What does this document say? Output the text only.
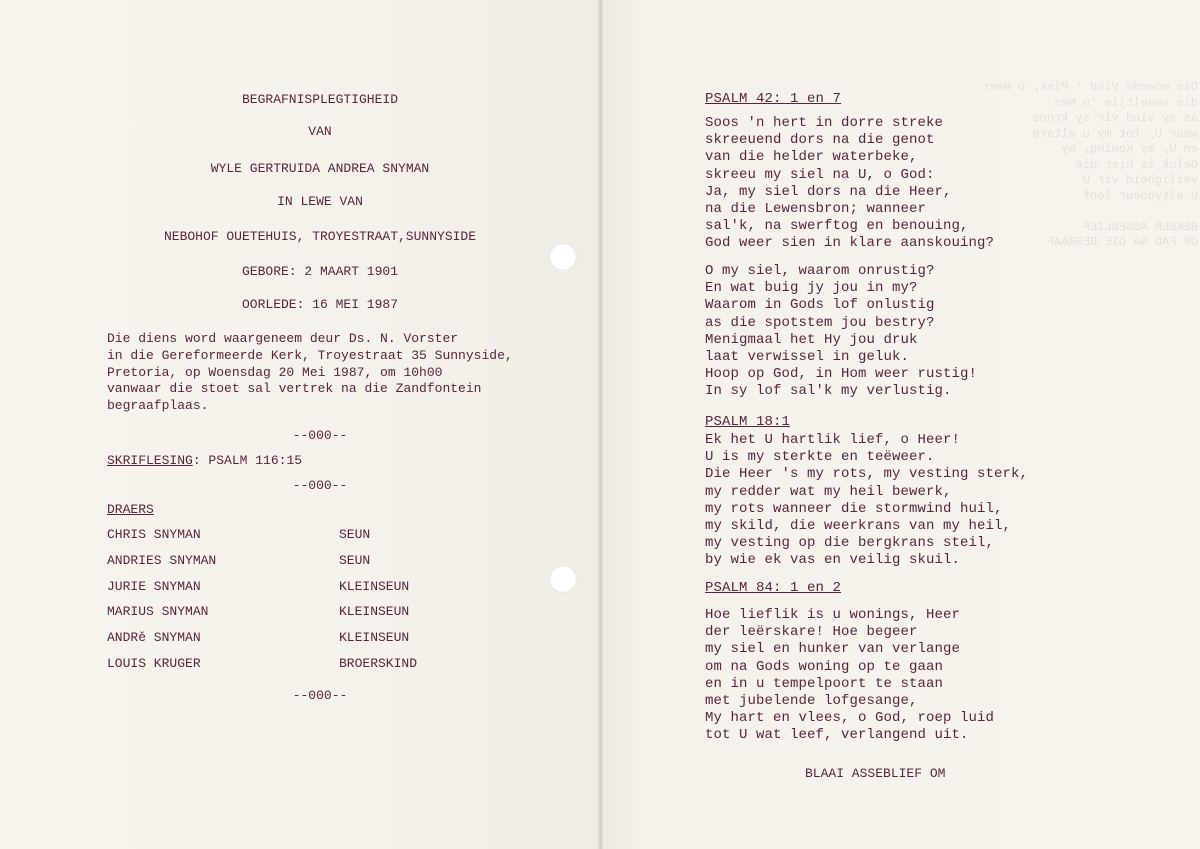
Die moeede Vind ‘ Plek, o Heer
die swaeltjie ‘n Nes
as sy vind vir sy kroos
waar U, tot my u altare
en U, my Koning, my
Geluk is hier die
veiligheid vir U
U altyddeur loof

BEKEER ASSEBLIEF
OP PAD NA DIE BEGRAAF
BEGRAFNISPLEGTIGHEID
VAN
WYLE GERTRUIDA ANDREA SNYMAN
IN LEWE VAN
NEBOHOF OUETEHUIS, TROYESTRAAT,SUNNYSIDE
GEBORE: 2 MAART 1901
OORLEDE: 16 MEI 1987
Die diens word waargeneem deur Ds. N. Vorster
in die Gereformeerde Kerk, Troyestraat 35 Sunnyside,
Pretoria, op Woensdag 20 Mei 1987, om 10h00
vanwaar die stoet sal vertrek na die Zandfontein
begraafplaas.
--000--
SKRIFLESING: PSALM 116:15
--000--
DRAERS
CHRIS SNYMAN	SEUN
ANDRIES SNYMAN	SEUN
JURIE SNYMAN	KLEINSEUN
MARIUS SNYMAN	KLEINSEUN
ANDRě SNYMAN	KLEINSEUN
LOUIS KRUGER	BROERSKIND
--000--
PSALM 42: 1 en 7
Soos 'n hert in dorre streke
skreeuend dors na die genot
van die helder waterbeke,
skreeu my siel na U, o God:
Ja, my siel dors na die Heer,
na die Lewensbron; wanneer
sal'k, na swerftog en benouing,
God weer sien in klare aanskouing?
O my siel, waarom onrustig?
En wat buig jy jou in my?
Waarom in Gods lof onlustig
as die spotstem jou bestry?
Menigmaal het Hy jou druk
laat verwissel in geluk.
Hoop op God, in Hom weer rustig!
In sy lof sal'k my verlustig.
PSALM 18:1
Ek het U hartlik lief, o Heer!
U is my sterkte en teëweer.
Die Heer 's my rots, my vesting sterk,
my redder wat my heil bewerk,
my rots wanneer die stormwind huil,
my skild, die weerkrans van my heil,
my vesting op die bergkrans steil,
by wie ek vas en veilig skuil.
PSALM 84: 1 en 2
Hoe lieflik is u wonings, Heer
der leërskare! Hoe begeer
my siel en hunker van verlange
om na Gods woning op te gaan
en in u tempelpoort te staan
met jubelende lofgesange,
My hart en vlees, o God, roep luid
tot U wat leef, verlangend uit.
BLAAI ASSEBLIEF OM
